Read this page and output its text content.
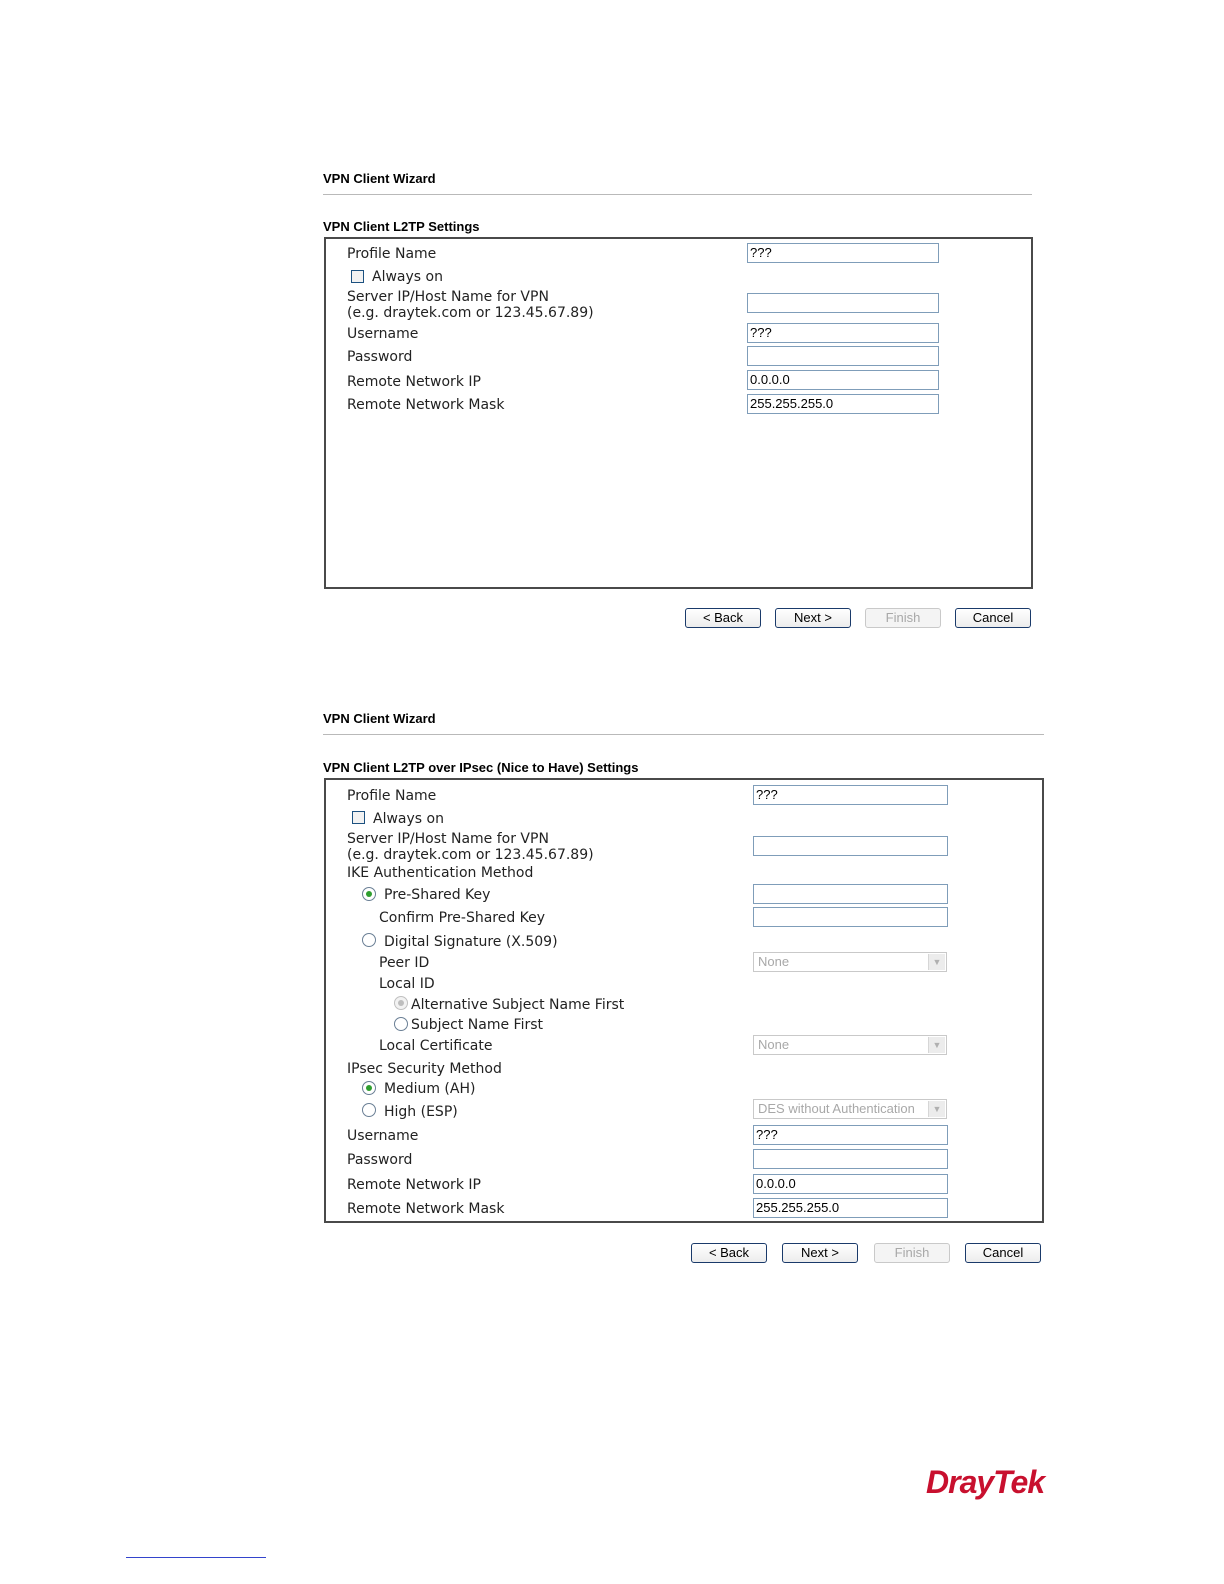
VPN Client Wizard
VPN Client L2TP Settings
Profile Name	???
Always on
Server IP/Host Name for VPN
(e.g. draytek.com or 123.45.67.89)
Username	???
Password
Remote Network IP	0.0.0.0
Remote Network Mask	255.255.255.0
< Back	Next >	Finish	Cancel
VPN Client Wizard
VPN Client L2TP over IPsec (Nice to Have) Settings
Profile Name	???
Always on
Server IP/Host Name for VPN
(e.g. draytek.com or 123.45.67.89)
IKE Authentication Method
Pre-Shared Key
Confirm Pre-Shared Key
Digital Signature (X.509)
Peer ID	None	▼
Local ID
Alternative Subject Name First
Subject Name First
Local Certificate	None	▼
IPsec Security Method
Medium (AH)
High (ESP)	DES without Authentication	▼
Username	???
Password
Remote Network IP	0.0.0.0
Remote Network Mask	255.255.255.0
< Back	Next >	Finish	Cancel
DrayTek
